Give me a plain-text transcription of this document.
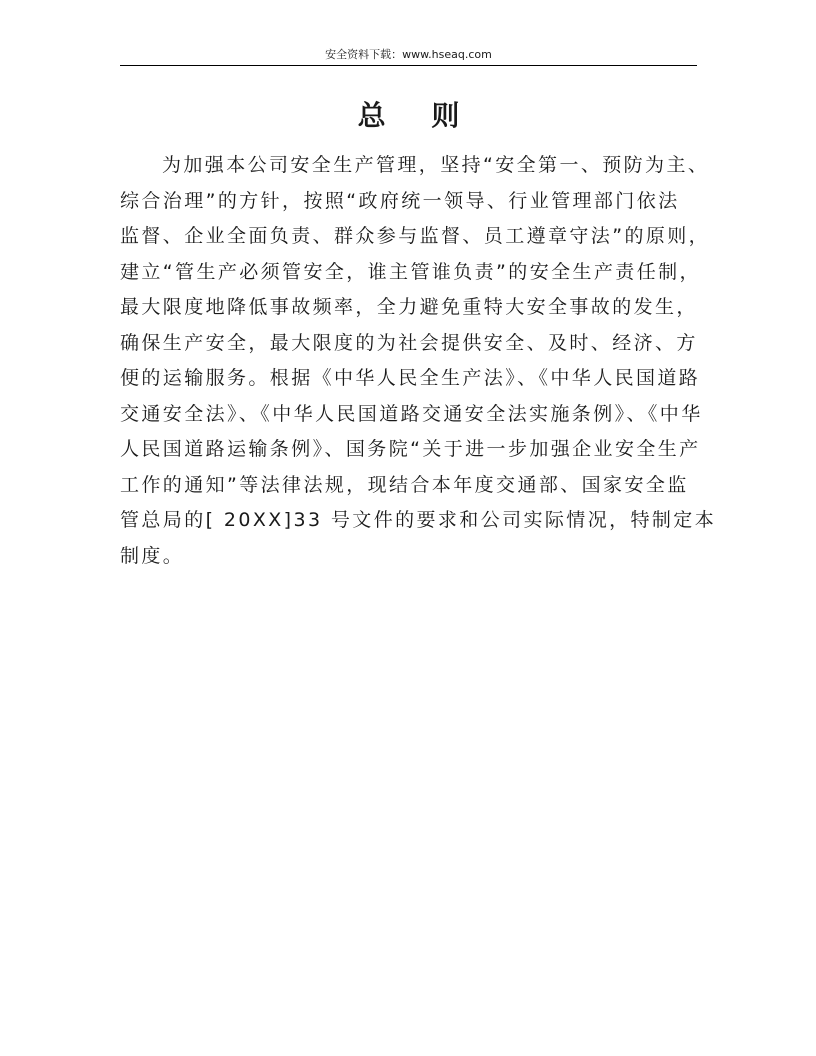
安全资料下载：www.hseaq.com
总 则
为加强本公司安全生产管理，坚持“安全第一、预防为主、
综合治理”的方针，按照“政府统一领导、行业管理部门依法
监督、企业全面负责、群众参与监督、员工遵章守法”的原则，
建立“管生产必须管安全，谁主管谁负责”的安全生产责任制，
最大限度地降低事故频率，全力避免重特大安全事故的发生，
确保生产安全，最大限度的为社会提供安全、及时、经济、方
便的运输服务。根据《中华人民全生产法》、《中华人民国道路
交通安全法》、《中华人民国道路交通安全法实施条例》、《中华
人民国道路运输条例》、国务院“关于进一步加强企业安全生产
工作的通知”等法律法规，现结合本年度交通部、国家安全监
管总局的[ 20XX]33 号文件的要求和公司实际情况，特制定本
制度。
